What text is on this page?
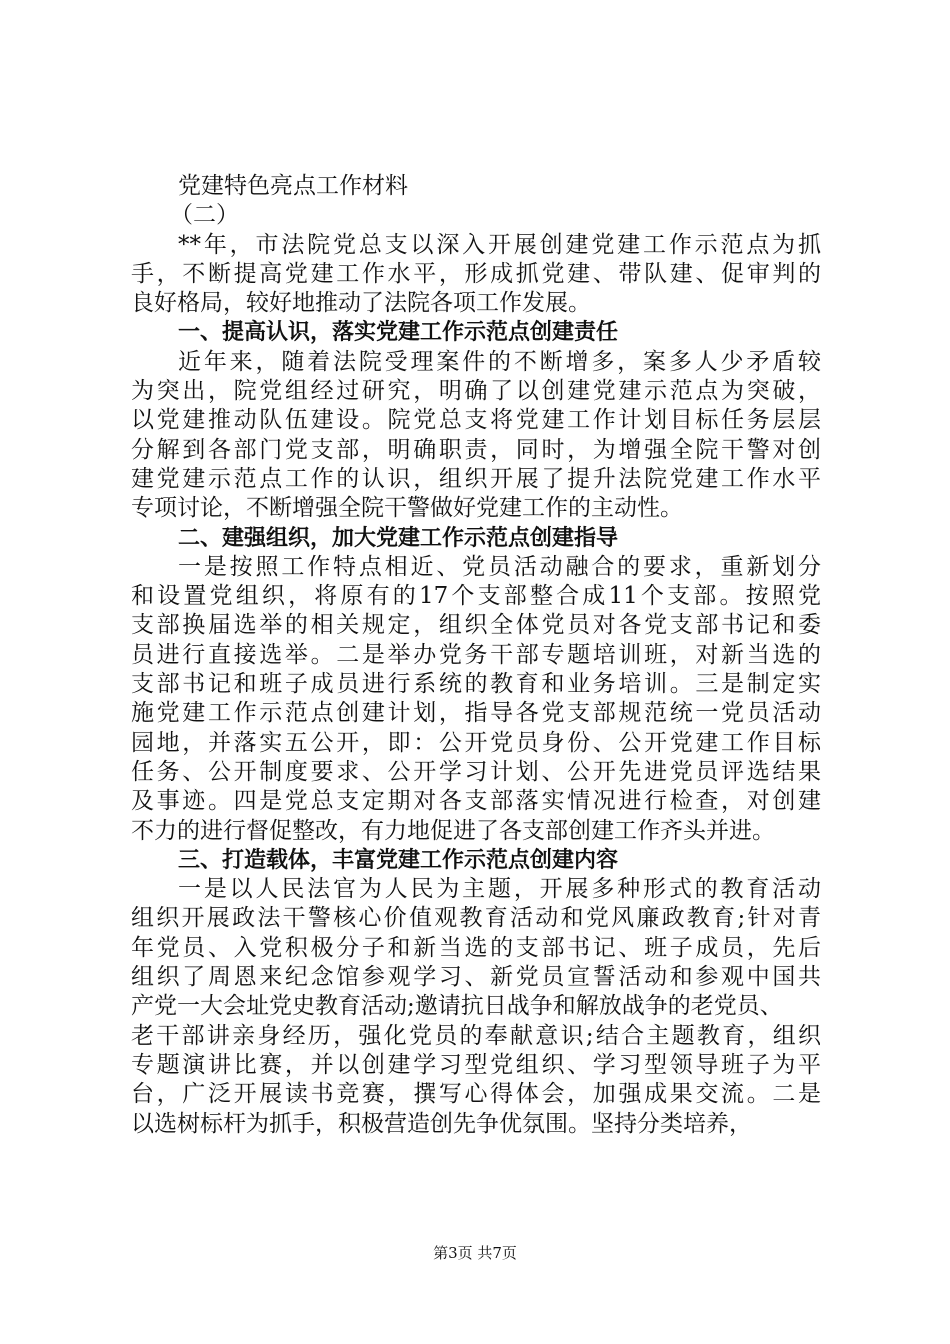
党建特色亮点工作材料

（二）

**年，市法院党总支以深入开展创建党建工作示范点为抓

手，不断提高党建工作水平，形成抓党建、带队建、促审判的

良好格局，较好地推动了法院各项工作发展。

一、提高认识，落实党建工作示范点创建责任

近年来，随着法院受理案件的不断增多，案多人少矛盾较

为突出，院党组经过研究，明确了以创建党建示范点为突破，

以党建推动队伍建设。院党总支将党建工作计划目标任务层层

分解到各部门党支部，明确职责，同时，为增强全院干警对创

建党建示范点工作的认识，组织开展了提升法院党建工作水平

专项讨论，不断增强全院干警做好党建工作的主动性。

二、建强组织，加大党建工作示范点创建指导

一是按照工作特点相近、党员活动融合的要求，重新划分

和设置党组织，将原有的17个支部整合成11个支部。按照党

支部换届选举的相关规定，组织全体党员对各党支部书记和委

员进行直接选举。二是举办党务干部专题培训班，对新当选的

支部书记和班子成员进行系统的教育和业务培训。三是制定实

施党建工作示范点创建计划，指导各党支部规范统一党员活动

园地，并落实五公开，即：公开党员身份、公开党建工作目标

任务、公开制度要求、公开学习计划、公开先进党员评选结果

及事迹。四是党总支定期对各支部落实情况进行检查，对创建

不力的进行督促整改，有力地促进了各支部创建工作齐头并进。

三、打造载体，丰富党建工作示范点创建内容

一是以人民法官为人民为主题，开展多种形式的教育活动

组织开展政法干警核心价值观教育活动和党风廉政教育;针对青

年党员、入党积极分子和新当选的支部书记、班子成员，先后

组织了周恩来纪念馆参观学习、新党员宣誓活动和参观中国共

产党一大会址党史教育活动;邀请抗日战争和解放战争的老党员、

老干部讲亲身经历，强化党员的奉献意识;结合主题教育，组织

专题演讲比赛，并以创建学习型党组织、学习型领导班子为平

台，广泛开展读书竞赛，撰写心得体会，加强成果交流。二是

以选树标杆为抓手，积极营造创先争优氛围。坚持分类培养，

第3页 共7页
